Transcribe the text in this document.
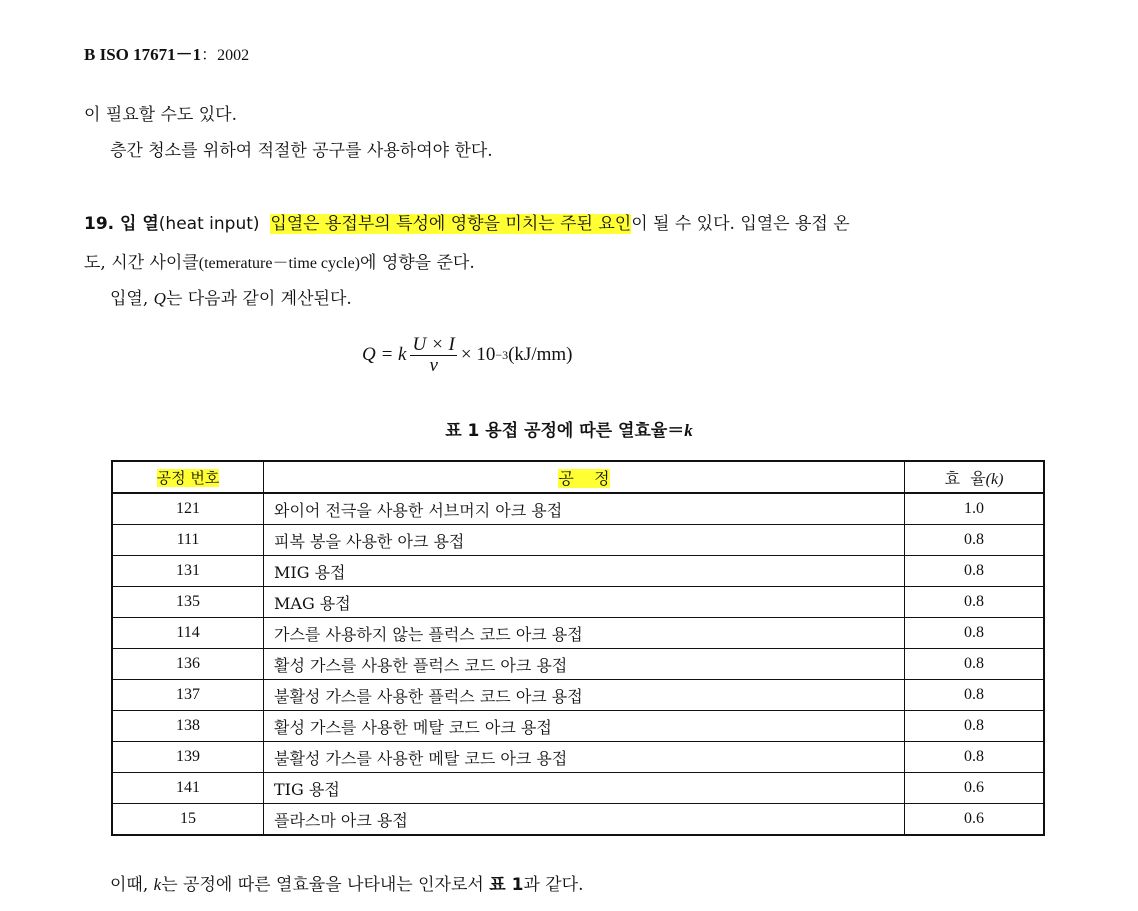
B ISO 17671－1：2002
이 필요할 수도 있다.
층간 청소를 위하여 적절한 공구를 사용하여야 한다.
19. 입 열(heat input) 입열은 용접부의 특성에 영향을 미치는 주된 요인이 될 수 있다. 입열은 용접 온
도, 시간 사이클(temerature－time cycle)에 영향을 준다.
입열, Q는 다음과 같이 계산된다.
Q = k $\frac{U \times I}{v} \times 10 -3$ (kJ/mm)
표 1 용접 공정에 따른 열효율＝k
공정 번호	공    정	효  율(k)
121	와이어 전극을 사용한 서브머지 아크 용접	1.0
111	피복 봉을 사용한 아크 용접	0.8
131	MIG 용접	0.8
135	MAG 용접	0.8
114	가스를 사용하지 않는 플럭스 코드 아크 용접	0.8
136	활성 가스를 사용한 플럭스 코드 아크 용접	0.8
137	불활성 가스를 사용한 플럭스 코드 아크 용접	0.8
138	활성 가스를 사용한 메탈 코드 아크 용접	0.8
139	불활성 가스를 사용한 메탈 코드 아크 용접	0.8
141	TIG 용접	0.6
15	플라스마 아크 용접	0.6
이때, k는 공정에 따른 열효율을 나타내는 인자로서 표 1과 같다.
